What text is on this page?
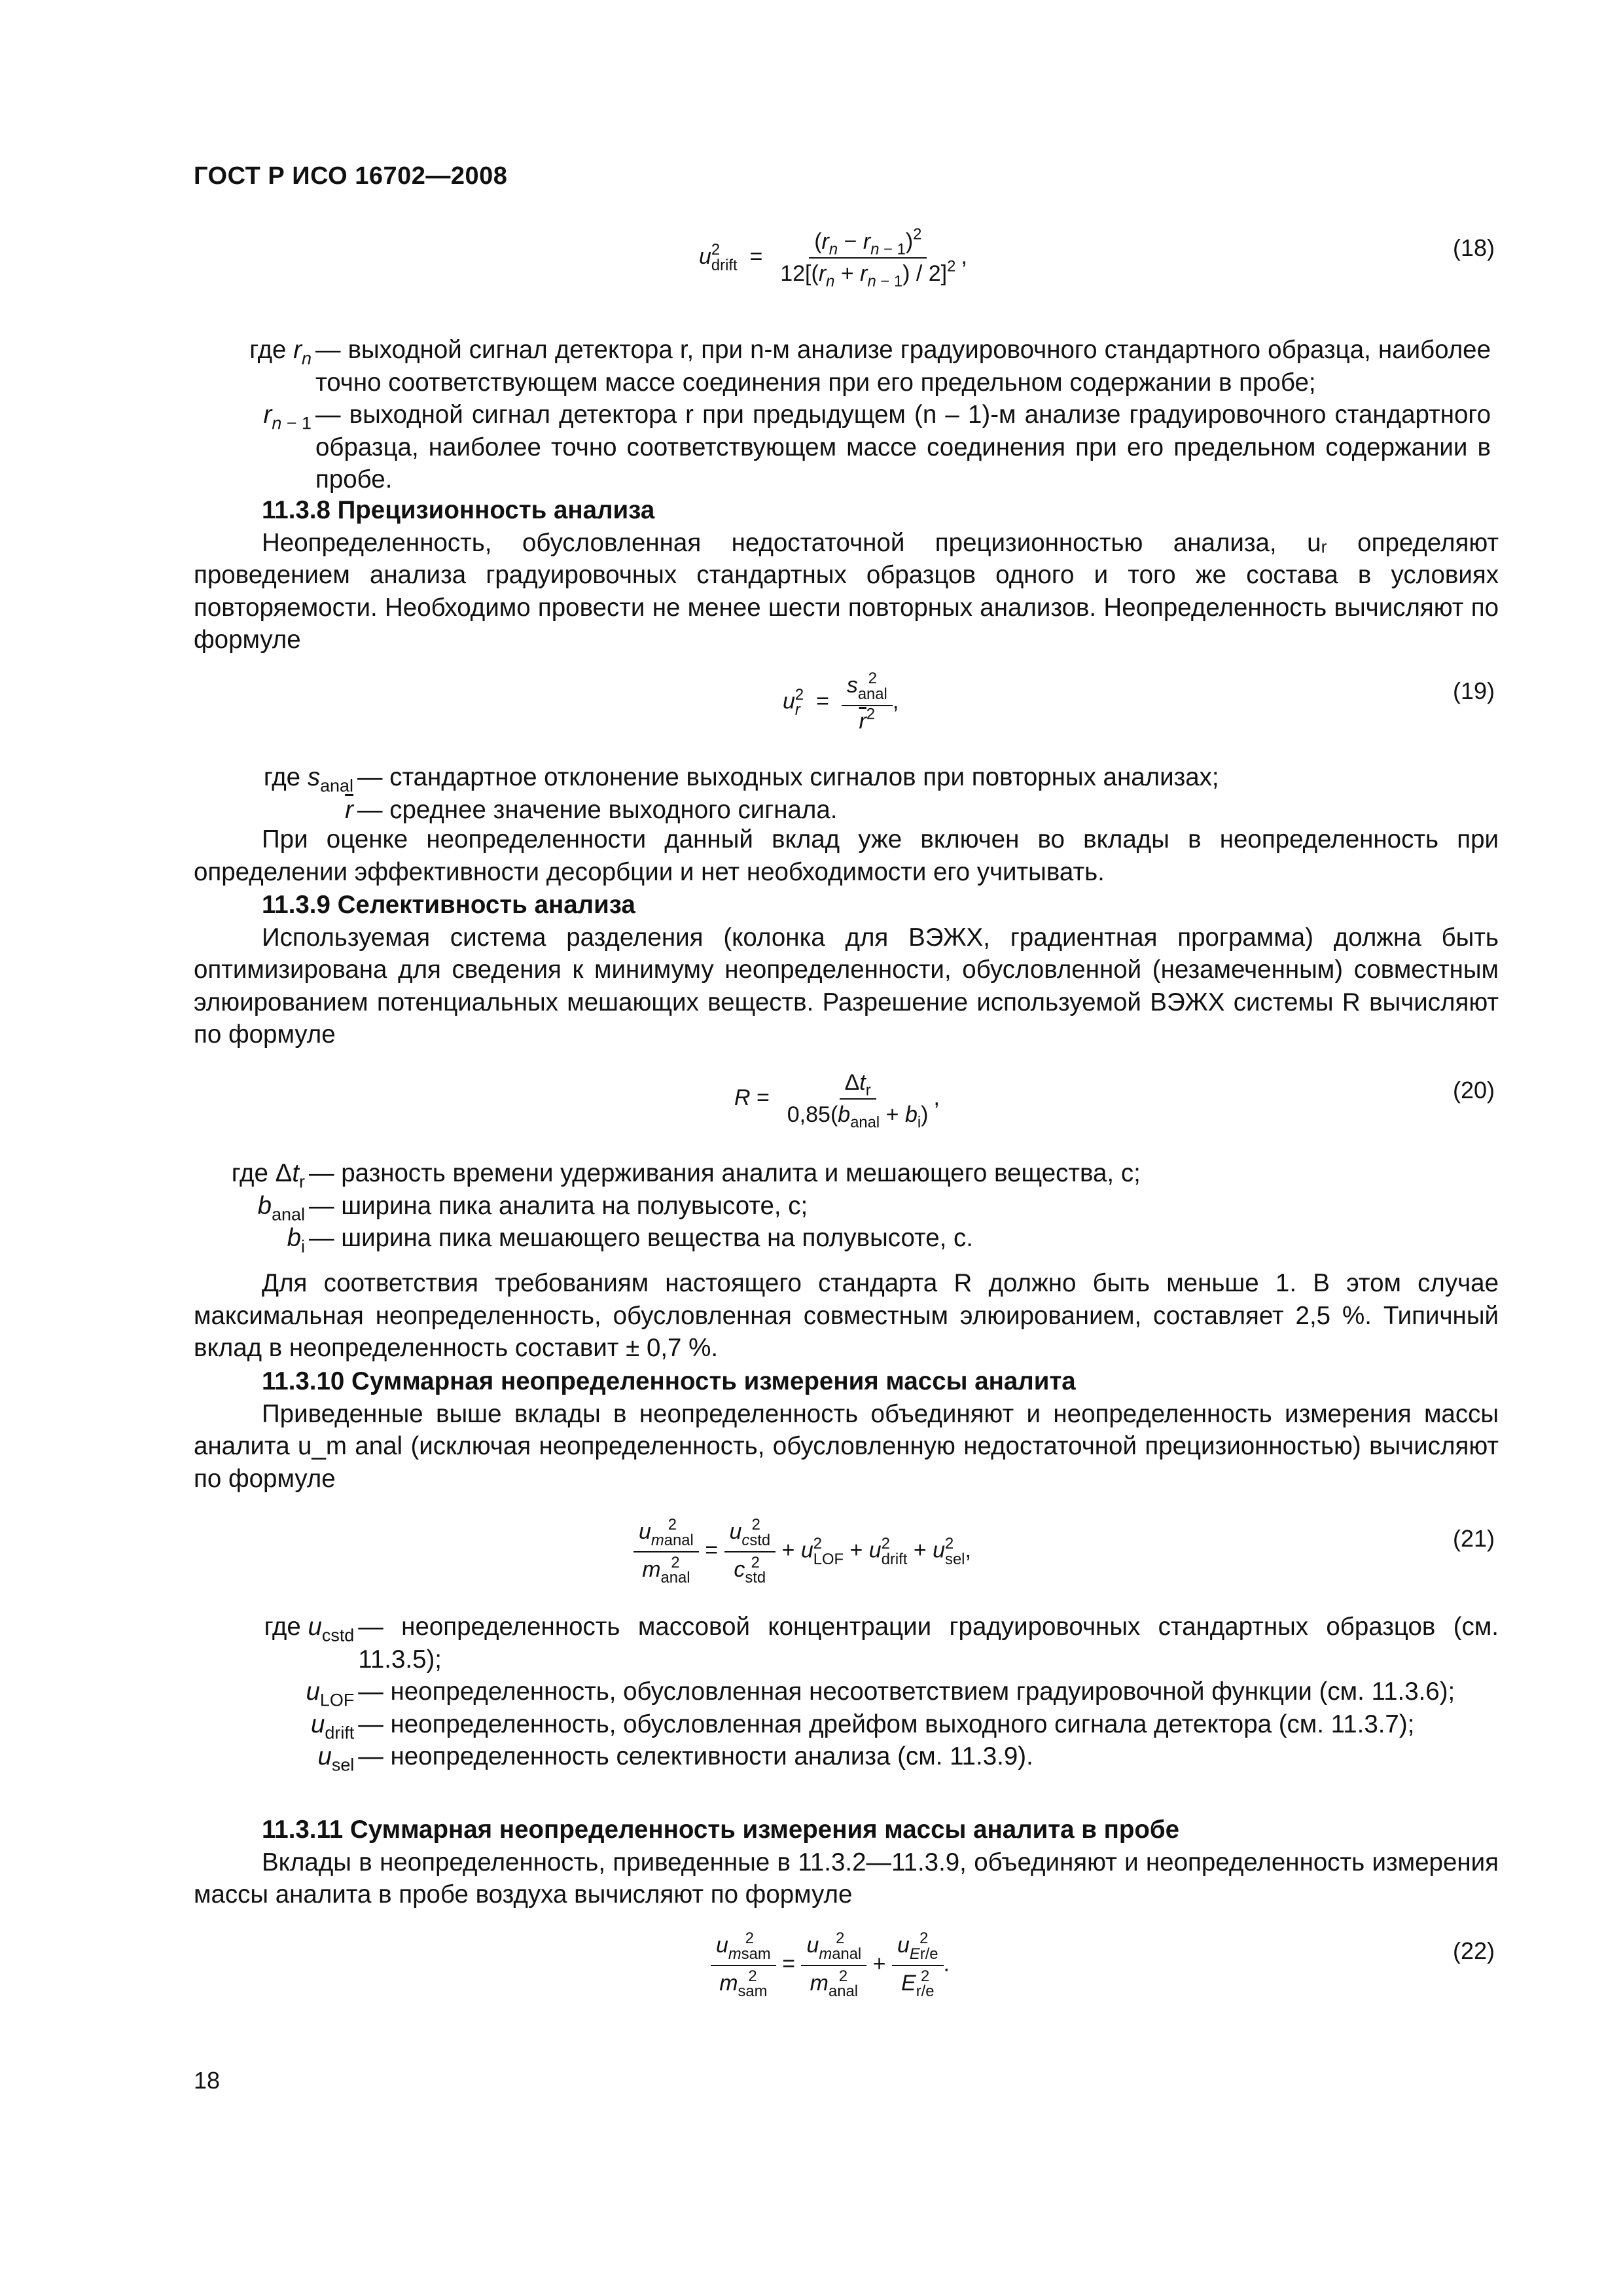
ГОСТ Р ИСО 16702—2008
u 2
drift = $\frac{(r_n - r_{n - 1})^2}{12[(r_n + r_{n - 1}) / 2]^2}$ ,	(18)
где $r_n$ — выходной сигнал детектора r, при n-м анализе градуировочного стандартного образца, наиболее точно соответствующем массе соединения при его предельном содержании в пробе;
$r_{n - 1}$ — выходной сигнал детектора r при предыдущем (n – 1)-м анализе градуировочного стандартного образца, наиболее точно соответствующем массе соединения при его предельном содержании в пробе.

11.3.8 Прецизионность анализа

Неопределенность, обусловленная недостаточной прецизионностью анализа, uᵣ определяют проведением анализа градуировочных стандартных образцов одного и того же состава в условиях повторяемости. Необходимо провести не менее шести повторных анализов. Неопределенность вычисляют по формуле

u 2
r = s 2
anal
$\overline{r}^2$ ,	(19)
где $s_{anal}$ — стандартное отклонение выходных сигналов при повторных анализах;
$\overline{r}$ — среднее значение выходного сигнала.

При оценке неопределенности данный вклад уже включен во вклады в неопределенность при определении эффективности десорбции и нет необходимости его учитывать.

11.3.9 Селективность анализа

Используемая система разделения (колонка для ВЭЖХ, градиентная программа) должна быть оптимизирована для сведения к минимуму неопределенности, обусловленной (незамеченным) совместным элюированием потенциальных мешающих веществ. Разрешение используемой ВЭЖХ системы R вычисляют по формуле

$R = \frac{\Delta t_r}{0,85(b_{anal} + b_i)}$ ,	(20)
где $\Delta t_r$ — разность времени удерживания аналита и мешающего вещества, с;
$b_{anal}$ — ширина пика аналита на полувысоте, с;
$b_i$ — ширина пика мешающего вещества на полувысоте, с.

Для соответствия требованиям настоящего стандарта R должно быть меньше 1. В этом случае максимальная неопределенность, обусловленная совместным элюированием, составляет 2,5 %. Типичный вклад в неопределенность составит ± 0,7 %.

11.3.10 Суммарная неопределенность измерения массы аналита

Приведенные выше вклады в неопределенность объединяют и неопределенность измерения массы аналита u_m anal (исключая неопределенность, обусловленную недостаточной прецизионностью) вычисляют по формуле

u	2
manal
m 2
anal = u 2
cstd
c 2
std + u 2
LOF + u 2
drift + u 2
sel ,	(21)
где $u_{cstd}$ — неопределенность массовой концентрации градуировочных стандартных образцов (см. 11.3.5);
$u_{LOF}$ — неопределенность, обусловленная несоответствием градуировочной функции (см. 11.3.6);
$u_{drift}$ — неопределенность, обусловленная дрейфом выходного сигнала детектора (см. 11.3.7);
$u_{sel}$ — неопределенность селективности анализа (см. 11.3.9).

11.3.11 Суммарная неопределенность измерения массы аналита в пробе

Вклады в неопределенность, приведенные в 11.3.2—11.3.9, объединяют и неопределенность измерения массы аналита в пробе воздуха вычисляют по формуле

u	2
msam
m 2
sam = u	2
manal
m 2
anal + u 2
Er/e
E 2
r/e .	(22)
18
